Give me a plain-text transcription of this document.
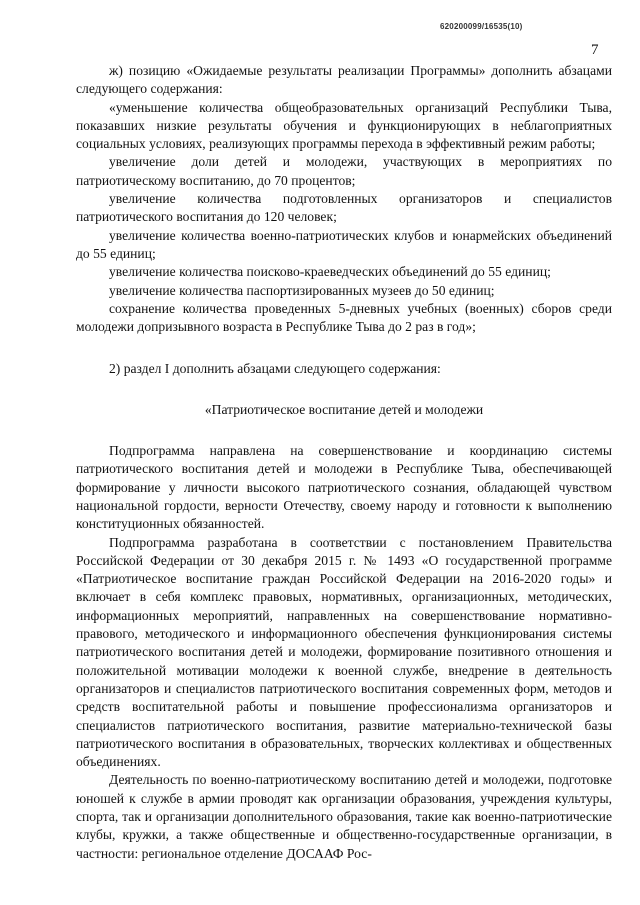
620200099/16535(10)
7

ж) позицию «Ожидаемые результаты реализации Программы» дополнить абзацами следующего содержания:

«уменьшение количества общеобразовательных организаций Республики Тыва, показавших низкие результаты обучения и функционирующих в неблагоприятных социальных условиях, реализующих программы перехода в эффективный режим работы;

увеличение доли детей и молодежи, участвующих в мероприятиях по патриотическому воспитанию, до 70 процентов;

увеличение количества подготовленных организаторов и специалистов патриотического воспитания до 120 человек;

увеличение количества военно-патриотических клубов и юнармейских объединений до 55 единиц;

увеличение количества поисково-краеведческих объединений до 55 единиц;

увеличение количества паспортизированных музеев до 50 единиц;

сохранение количества проведенных 5-дневных учебных (военных) сборов среди молодежи допризывного возраста в Республике Тыва до 2 раз в год»;

2) раздел I дополнить абзацами следующего содержания:

«Патриотическое воспитание детей и молодежи

Подпрограмма направлена на совершенствование и координацию системы патриотического воспитания детей и молодежи в Республике Тыва, обеспечивающей формирование у личности высокого патриотического сознания, обладающей чувством национальной гордости, верности Отечеству, своему народу и готовности к выполнению конституционных обязанностей.

Подпрограмма разработана в соответствии с постановлением Правительства Российской Федерации от 30 декабря 2015 г. № 1493 «О государственной программе «Патриотическое воспитание граждан Российской Федерации на 2016-2020 годы» и включает в себя комплекс правовых, нормативных, организационных, методических, информационных мероприятий, направленных на совершенствование нормативно-правового, методического и информационного обеспечения функционирования системы патриотического воспитания детей и молодежи, формирование позитивного отношения и положительной мотивации молодежи к военной службе, внедрение в деятельность организаторов и специалистов патриотического воспитания современных форм, методов и средств воспитательной работы и повышение профессионализма организаторов и специалистов патриотического воспитания, развитие материально-технической базы патриотического воспитания в образовательных, творческих коллективах и общественных объединениях.

Деятельность по военно-патриотическому воспитанию детей и молодежи, подготовке юношей к службе в армии проводят как организации образования, учреждения культуры, спорта, так и организации дополнительного образования, такие как военно-патриотические клубы, кружки, а также общественные и общественно-государственные организации, в частности: региональное отделение ДОСААФ Рос-
